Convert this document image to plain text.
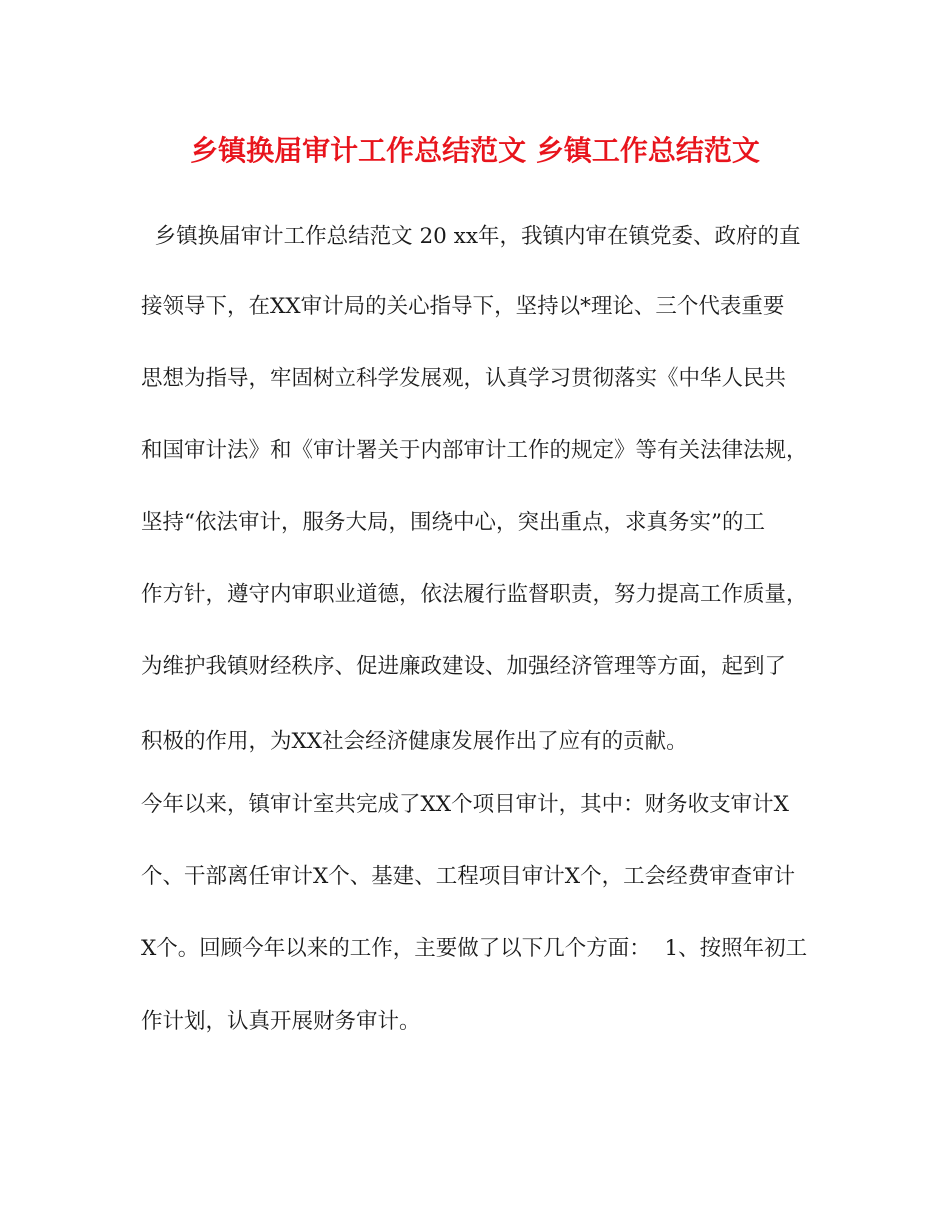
乡镇换届审计工作总结范文 乡镇工作总结范文
乡镇换届审计工作总结范文 20 xx年，我镇内审在镇党委、政府的直
接领导下，在XX审计局的关心指导下，坚持以*理论、三个代表重要
思想为指导，牢固树立科学发展观，认真学习贯彻落实《中华人民共
和国审计法》和《审计署关于内部审计工作的规定》等有关法律法规，
坚持“依法审计，服务大局，围绕中心，突出重点，求真务实”的工
作方针，遵守内审职业道德，依法履行监督职责，努力提高工作质量，
为维护我镇财经秩序、促进廉政建设、加强经济管理等方面，起到了
积极的作用，为XX社会经济健康发展作出了应有的贡献。
今年以来，镇审计室共完成了XX个项目审计，其中：财务收支审计X
个、干部离任审计X个、基建、工程项目审计X个，工会经费审查审计
X个。回顾今年以来的工作，主要做了以下几个方面：  1、按照年初工
作计划，认真开展财务审计。
